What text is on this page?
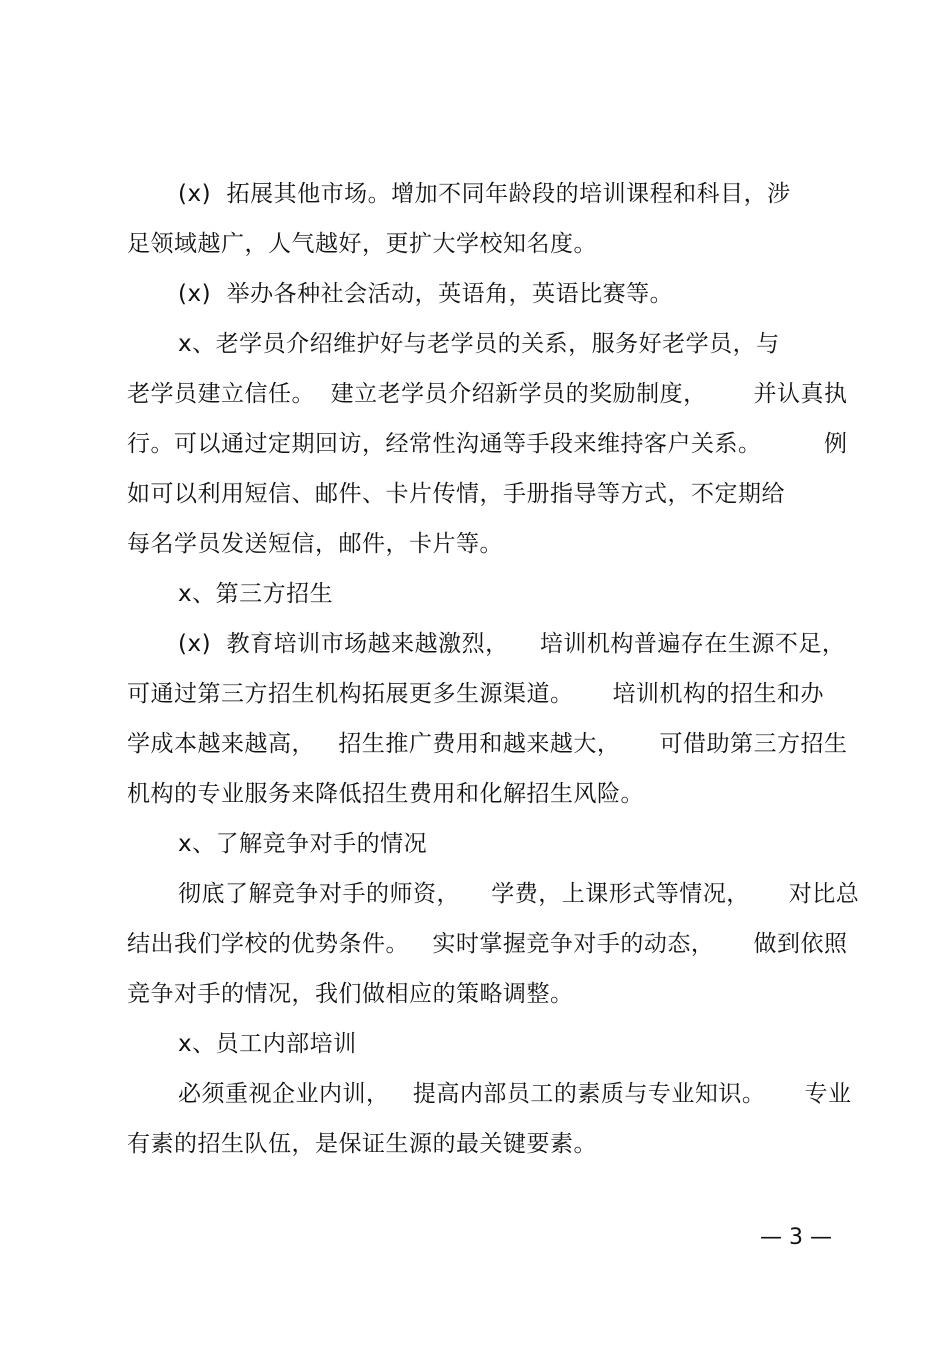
(x)  拓展其他市场。增加不同年龄段的培训课程和科目，涉
足领域越广，人气越好，更扩大学校知名度。
(x)  举办各种社会活动，英语角，英语比赛等。
x、老学员介绍维护好与老学员的关系，服务好老学员，与
老学员建立信任。  建立老学员介绍新学员的奖励制度，      并认真执
行。可以通过定期回访，经常性沟通等手段来维持客户关系。        例
如可以利用短信、邮件、卡片传情，手册指导等方式，不定期给
每名学员发送短信，邮件，卡片等。
x、第三方招生
(x)  教育培训市场越来越激烈，    培训机构普遍存在生源不足，
可通过第三方招生机构拓展更多生源渠道。     培训机构的招生和办
学成本越来越高，   招生推广费用和越来越大，     可借助第三方招生
机构的专业服务来降低招生费用和化解招生风险。
x、了解竞争对手的情况
彻底了解竞争对手的师资，    学费，上课形式等情况，     对比总
结出我们学校的优势条件。   实时掌握竞争对手的动态，     做到依照
竞争对手的情况，我们做相应的策略调整。
x、员工内部培训
必须重视企业内训，   提高内部员工的素质与专业知识。     专业
有素的招生队伍，是保证生源的最关键要素。
— 3 —
